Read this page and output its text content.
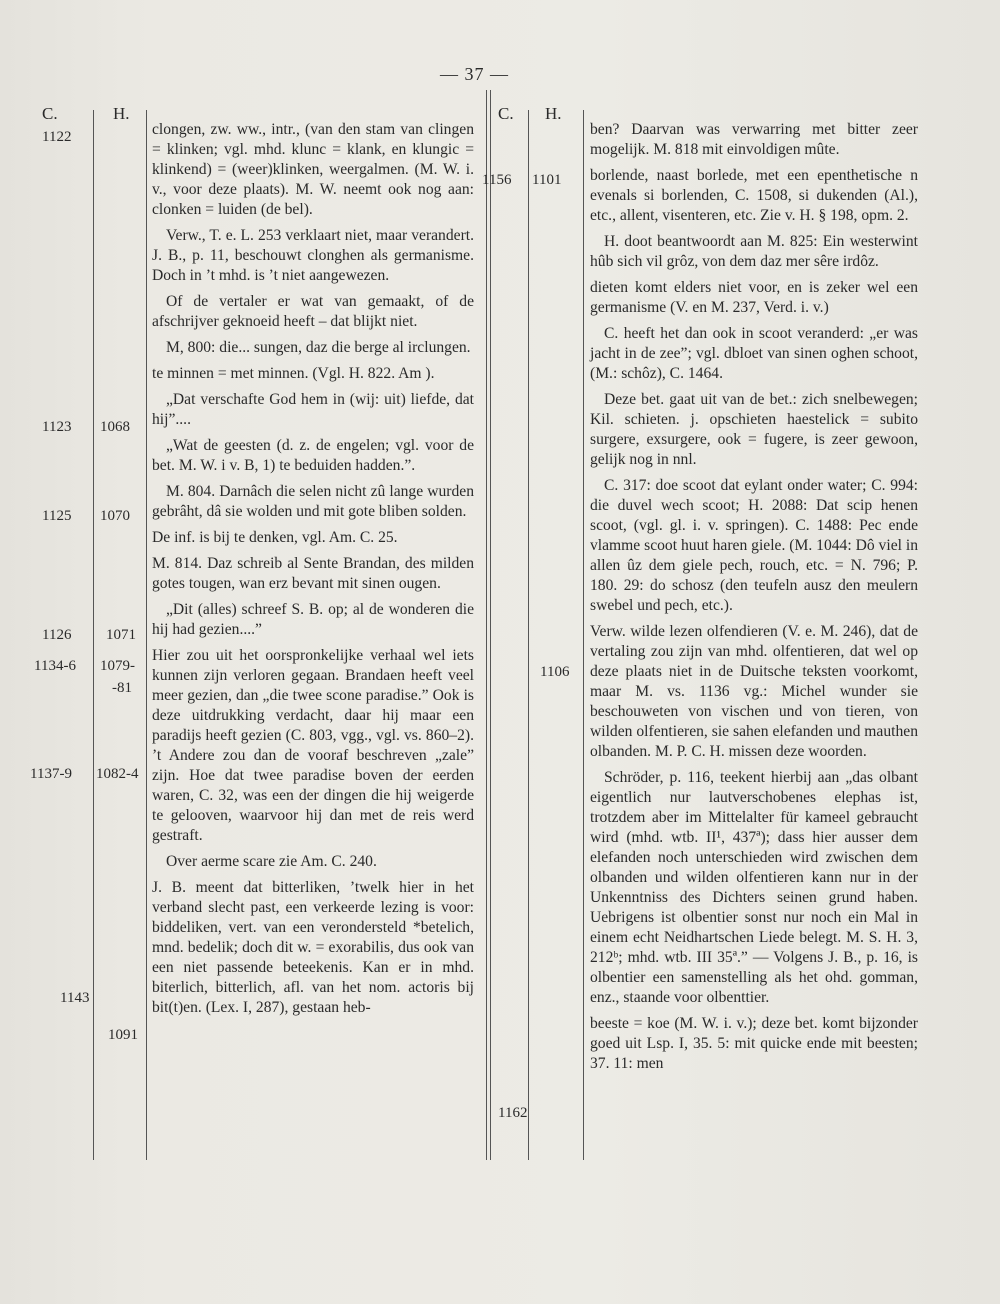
— 37 —
C.	H.
1122
1123 1068
1125 1070
1126 1071
1134-6 1079-
-81
1137-9 1082-4
1143
1091

clongen, zw. ww., intr., (van den stam van clingen = klinken; vgl. mhd. klunc = klank, en klungic = klinkend) = (weer)klinken, weergalmen. (M. W. i. v., voor deze plaats). M. W. neemt ook nog aan: clonken = luiden (de bel).

Verw., T. e. L. 253 verklaart niet, maar verandert. J. B., p. 11, beschouwt clonghen als germanisme. Doch in ’t mhd. is ’t niet aangewezen.

Of de vertaler er wat van gemaakt, of de afschrijver geknoeid heeft – dat blijkt niet.

M, 800: die... sungen, daz die berge al irclungen.

te minnen = met minnen. (Vgl. H. 822. Am ).

„Dat verschafte God hem in (wij: uit) liefde, dat hij”....

„Wat de geesten (d. z. de engelen; vgl. voor de bet. M. W. i v. B, 1) te beduiden hadden.”.

M. 804. Darnâch die selen nicht zû lange wurden gebrâht, dâ sie wolden und mit gote bliben solden.

De inf. is bij te denken, vgl. Am. C. 25.

M. 814. Daz schreib al Sente Brandan, des milden gotes tougen, wan erz bevant mit sinen ougen.

„Dit (alles) schreef S. B. op; al de wonderen die hij had gezien....”

Hier zou uit het oorspronkelijke verhaal wel iets kunnen zijn verloren gegaan. Brandaen heeft veel meer gezien, dan „die twee scone paradise.” Ook is deze uitdrukking verdacht, daar hij maar een paradijs heeft gezien (C. 803, vgg., vgl. vs. 860–2). ’t Andere zou dan de vooraf beschreven „zale” zijn. Hoe dat twee paradise boven der eerden waren, C. 32, was een der dingen die hij weigerde te gelooven, waarvoor hij dan met de reis werd gestraft.

Over aerme scare zie Am. C. 240.

J. B. meent dat bitterliken, ’twelk hier in het verband slecht past, een verkeerde lezing is voor: biddeliken, vert. van een verondersteld *betelich, mnd. bedelik; doch dit w. = exorabilis, dus ook van een niet passende beteekenis. Kan er in mhd. biterlich, bitterlich, afl. van het nom. actoris bij bit(t)en. (Lex. I, 287), gestaan heb-

C. H.
1156 1101
1106
1162

ben? Daarvan was verwarring met bitter zeer mogelijk. M. 818 mit einvoldigen mûte.

borlende, naast borlede, met een epenthetische n evenals si borlenden, C. 1508, si dukenden (Al.), etc., allent, visenteren, etc. Zie v. H. § 198, opm. 2.

H. doot beantwoordt aan M. 825: Ein westerwint hûb sich vil grôz, von dem daz mer sêre irdôz.

dieten komt elders niet voor, en is zeker wel een germanisme (V. en M. 237, Verd. i. v.)

C. heeft het dan ook in scoot veranderd: „er was jacht in de zee”; vgl. dbloet van sinen oghen schoot, (M.: schôz), C. 1464.

Deze bet. gaat uit van de bet.: zich snelbewegen; Kil. schieten. j. opschieten haestelick = subito surgere, exsurgere, ook = fugere, is zeer gewoon, gelijk nog in nnl.

C. 317: doe scoot dat eylant onder water; C. 994: die duvel wech scoot; H. 2088: Dat scip henen scoot, (vgl. gl. i. v. springen). C. 1488: Pec ende vlamme scoot huut haren giele. (M. 1044: Dô viel in allen ûz dem giele pech, rouch, etc. = N. 796; P. 180. 29: do schosz (den teufeln ausz den meulern swebel und pech, etc.).

Verw. wilde lezen olfendieren (V. e. M. 246), dat de vertaling zou zijn van mhd. olfentieren, dat wel op deze plaats niet in de Duitsche teksten voorkomt, maar M. vs. 1136 vg.: Michel wunder sie beschouweten von vischen und von tieren, von wilden olfentieren, sie sahen elefanden und mauthen olbanden. M. P. C. H. missen deze woorden.

Schröder, p. 116, teekent hierbij aan „das olbant eigentlich nur lautverschobenes elephas ist, trotzdem aber im Mittelalter für kameel gebraucht wird (mhd. wtb. II¹, 437ª); dass hier ausser dem elefanden noch unterschieden wird zwischen dem olbanden und wilden olfentieren kann nur in der Unkenntniss des Dichters seinen grund haben. Uebrigens ist olbentier sonst nur noch ein Mal in einem echt Neidhartschen Liede belegt. M. S. H. 3, 212ᵇ; mhd. wtb. III 35ª.” — Volgens J. B., p. 16, is olbentier een samenstelling als het ohd. gomman, enz., staande voor olbenttier.

beeste = koe (M. W. i. v.); deze bet. komt bijzonder goed uit Lsp. I, 35. 5: mit quicke ende mit beesten; 37. 11: men
